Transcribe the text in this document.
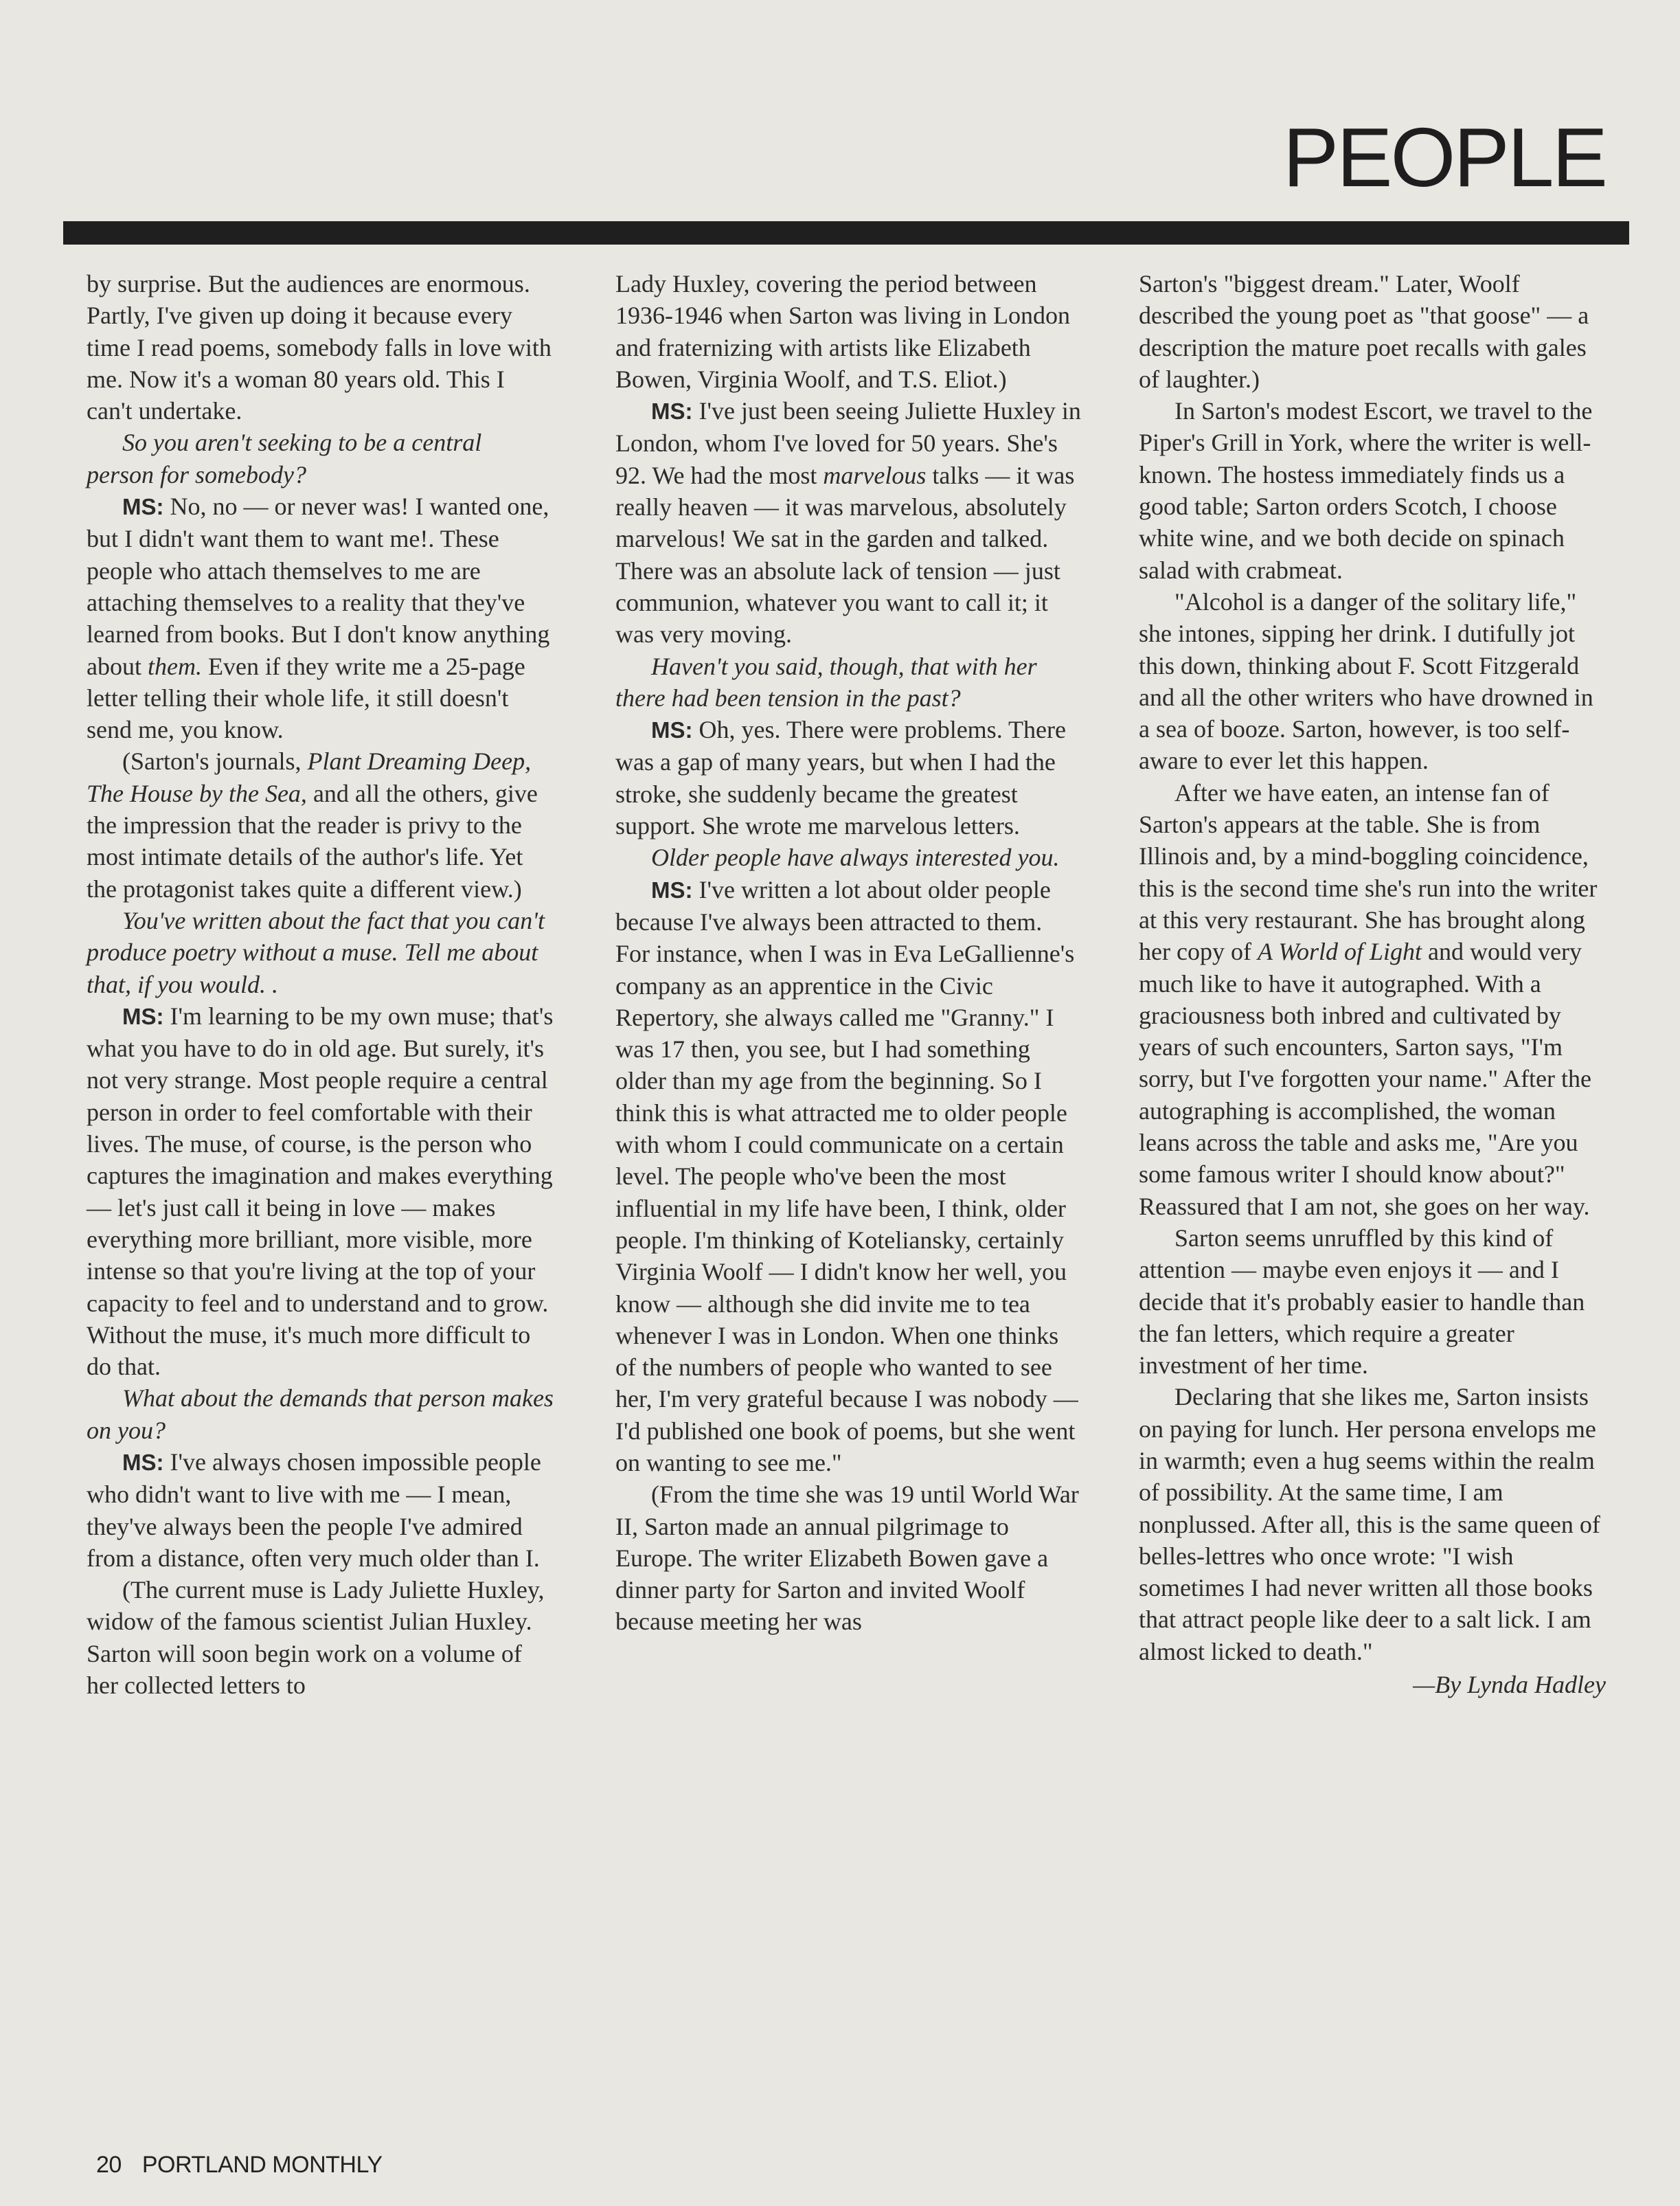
PEOPLE

by surprise. But the audiences are enormous. Partly, I've given up doing it because every time I read poems, somebody falls in love with me. Now it's a woman 80 years old. This I can't undertake.

So you aren't seeking to be a central person for somebody?

MS: No, no — or never was! I wanted one, but I didn't want them to want me!. These people who attach themselves to me are attaching themselves to a reality that they've learned from books. But I don't know anything about them. Even if they write me a 25-page letter telling their whole life, it still doesn't send me, you know.

(Sarton's journals, Plant Dreaming Deep, The House by the Sea, and all the others, give the impression that the reader is privy to the most intimate details of the author's life. Yet the protagonist takes quite a different view.)

You've written about the fact that you can't produce poetry without a muse. Tell me about that, if you would. .

MS: I'm learning to be my own muse; that's what you have to do in old age. But surely, it's not very strange. Most people require a central person in order to feel comfortable with their lives. The muse, of course, is the person who captures the imagination and makes everything — let's just call it being in love — makes everything more brilliant, more visible, more intense so that you're living at the top of your capacity to feel and to understand and to grow. Without the muse, it's much more difficult to do that.

What about the demands that person makes on you?

MS: I've always chosen impossible people who didn't want to live with me — I mean, they've always been the people I've admired from a distance, often very much older than I.

(The current muse is Lady Juliette Huxley, widow of the famous scientist Julian Huxley. Sarton will soon begin work on a volume of her collected letters to

Lady Huxley, covering the period between 1936-1946 when Sarton was living in London and fraternizing with artists like Elizabeth Bowen, Virginia Woolf, and T.S. Eliot.)

MS: I've just been seeing Juliette Huxley in London, whom I've loved for 50 years. She's 92. We had the most marvelous talks — it was really heaven — it was marvelous, absolutely marvelous! We sat in the garden and talked. There was an absolute lack of tension — just communion, whatever you want to call it; it was very moving.

Haven't you said, though, that with her there had been tension in the past?

MS: Oh, yes. There were problems. There was a gap of many years, but when I had the stroke, she suddenly became the greatest support. She wrote me marvelous letters.

Older people have always interested you.

MS: I've written a lot about older people because I've always been attracted to them. For instance, when I was in Eva LeGallienne's company as an apprentice in the Civic Repertory, she always called me "Granny." I was 17 then, you see, but I had something older than my age from the beginning. So I think this is what attracted me to older people with whom I could communicate on a certain level. The people who've been the most influential in my life have been, I think, older people. I'm thinking of Koteliansky, certainly Virginia Woolf — I didn't know her well, you know — although she did invite me to tea whenever I was in London. When one thinks of the numbers of people who wanted to see her, I'm very grateful because I was nobody — I'd published one book of poems, but she went on wanting to see me."

(From the time she was 19 until World War II, Sarton made an annual pilgrimage to Europe. The writer Elizabeth Bowen gave a dinner party for Sarton and invited Woolf because meeting her was

Sarton's "biggest dream." Later, Woolf described the young poet as "that goose" — a description the mature poet recalls with gales of laughter.)

In Sarton's modest Escort, we travel to the Piper's Grill in York, where the writer is well-known. The hostess immediately finds us a good table; Sarton orders Scotch, I choose white wine, and we both decide on spinach salad with crabmeat.

"Alcohol is a danger of the solitary life," she intones, sipping her drink. I dutifully jot this down, thinking about F. Scott Fitzgerald and all the other writers who have drowned in a sea of booze. Sarton, however, is too self-aware to ever let this happen.

After we have eaten, an intense fan of Sarton's appears at the table. She is from Illinois and, by a mind-boggling coincidence, this is the second time she's run into the writer at this very restaurant. She has brought along her copy of A World of Light and would very much like to have it autographed. With a graciousness both inbred and cultivated by years of such encounters, Sarton says, "I'm sorry, but I've forgotten your name." After the autographing is accomplished, the woman leans across the table and asks me, "Are you some famous writer I should know about?" Reassured that I am not, she goes on her way.

Sarton seems unruffled by this kind of attention — maybe even enjoys it — and I decide that it's probably easier to handle than the fan letters, which require a greater investment of her time.

Declaring that she likes me, Sarton insists on paying for lunch. Her persona envelops me in warmth; even a hug seems within the realm of possibility. At the same time, I am nonplussed. After all, this is the same queen of belles-lettres who once wrote: "I wish sometimes I had never written all those books that attract people like deer to a salt lick. I am almost licked to death."

—By Lynda Hadley
20 PORTLAND MONTHLY
